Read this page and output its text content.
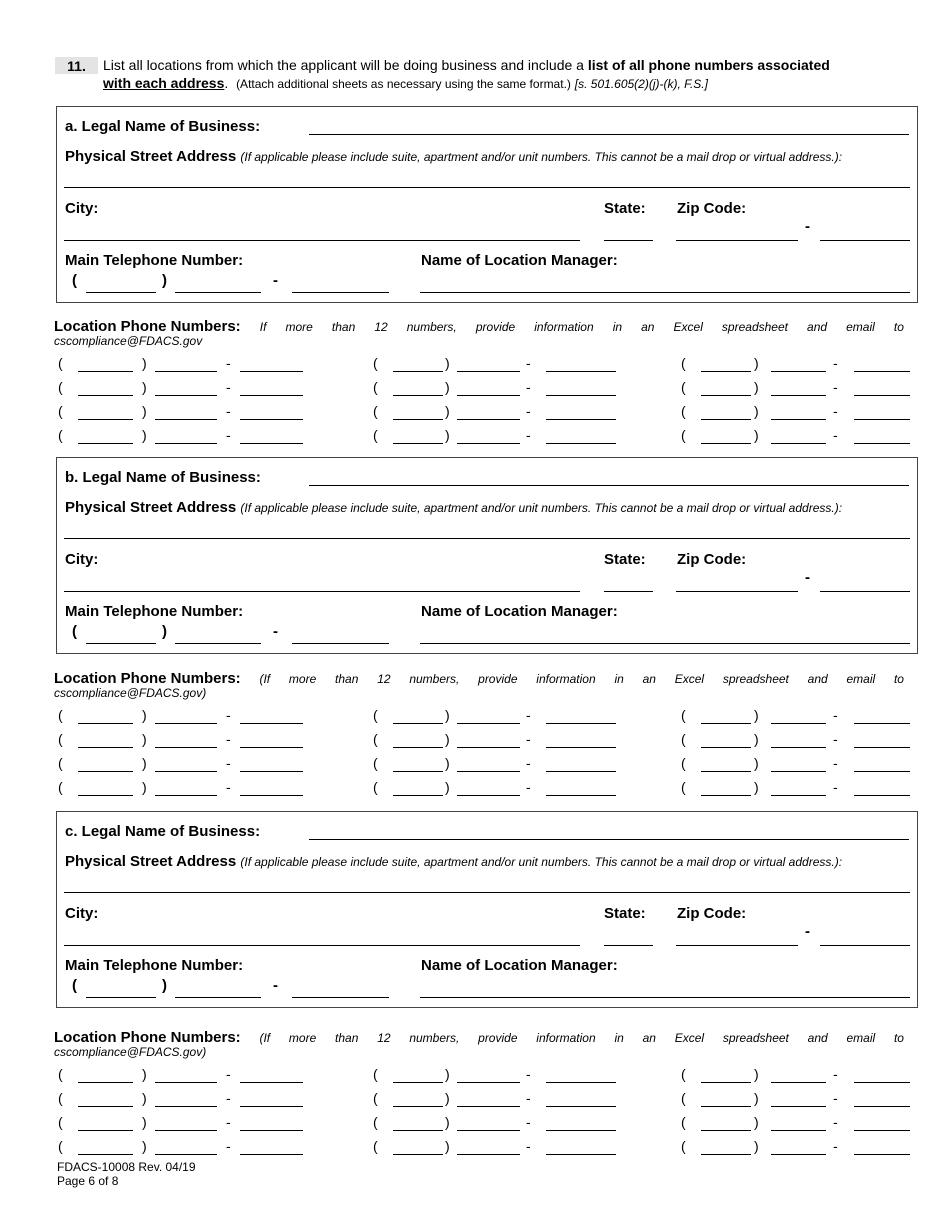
11.	List all locations from which the applicant will be doing business and include a list of all phone numbers associated
with each address. (Attach additional sheets as necessary using the same format.) [s. 501.605(2)(j)-(k), F.S.]
a. Legal Name of Business:
Physical Street Address (If applicable please include suite, apartment and/or unit numbers. This cannot be a mail drop or virtual address.):
City:	State: Zip Code:
-
Main Telephone Number:	Name of Location Manager:
(	)	-
Location Phone Numbers: If more than 12 numbers, provide information in an Excel spreadsheet and email to
cscompliance@FDACS.gov
(	)	-	(	)	-	(	)	-
(	)	-	(	)	-	(	)	-
(	)	-	(	)	-	(	)	-
(	)	-	(	)	-	(	)	-
b. Legal Name of Business:
Physical Street Address (If applicable please include suite, apartment and/or unit numbers. This cannot be a mail drop or virtual address.):
City:	State: Zip Code:
-
Main Telephone Number:	Name of Location Manager:
(	)	-
Location Phone Numbers: (If more than 12 numbers, provide information in an Excel spreadsheet and email to
cscompliance@FDACS.gov)
(	)	-	(	)	-	(	)	-
(	)	-	(	)	-	(	)	-
(	)	-	(	)	-	(	)	-
(	)	-	(	)	-	(	)	-
c. Legal Name of Business:
Physical Street Address (If applicable please include suite, apartment and/or unit numbers. This cannot be a mail drop or virtual address.):
City:	State: Zip Code:
-
Main Telephone Number:	Name of Location Manager:
(	)	-
Location Phone Numbers: (If more than 12 numbers, provide information in an Excel spreadsheet and email to
cscompliance@FDACS.gov)
(	)	-	(	)	-	(	)	-
(	)	-	(	)	-	(	)	-
(	)	-	(	)	-	(	)	-
(	)	-	(	)	-	(	)	-
FDACS-10008 Rev. 04/19
Page 6 of 8
